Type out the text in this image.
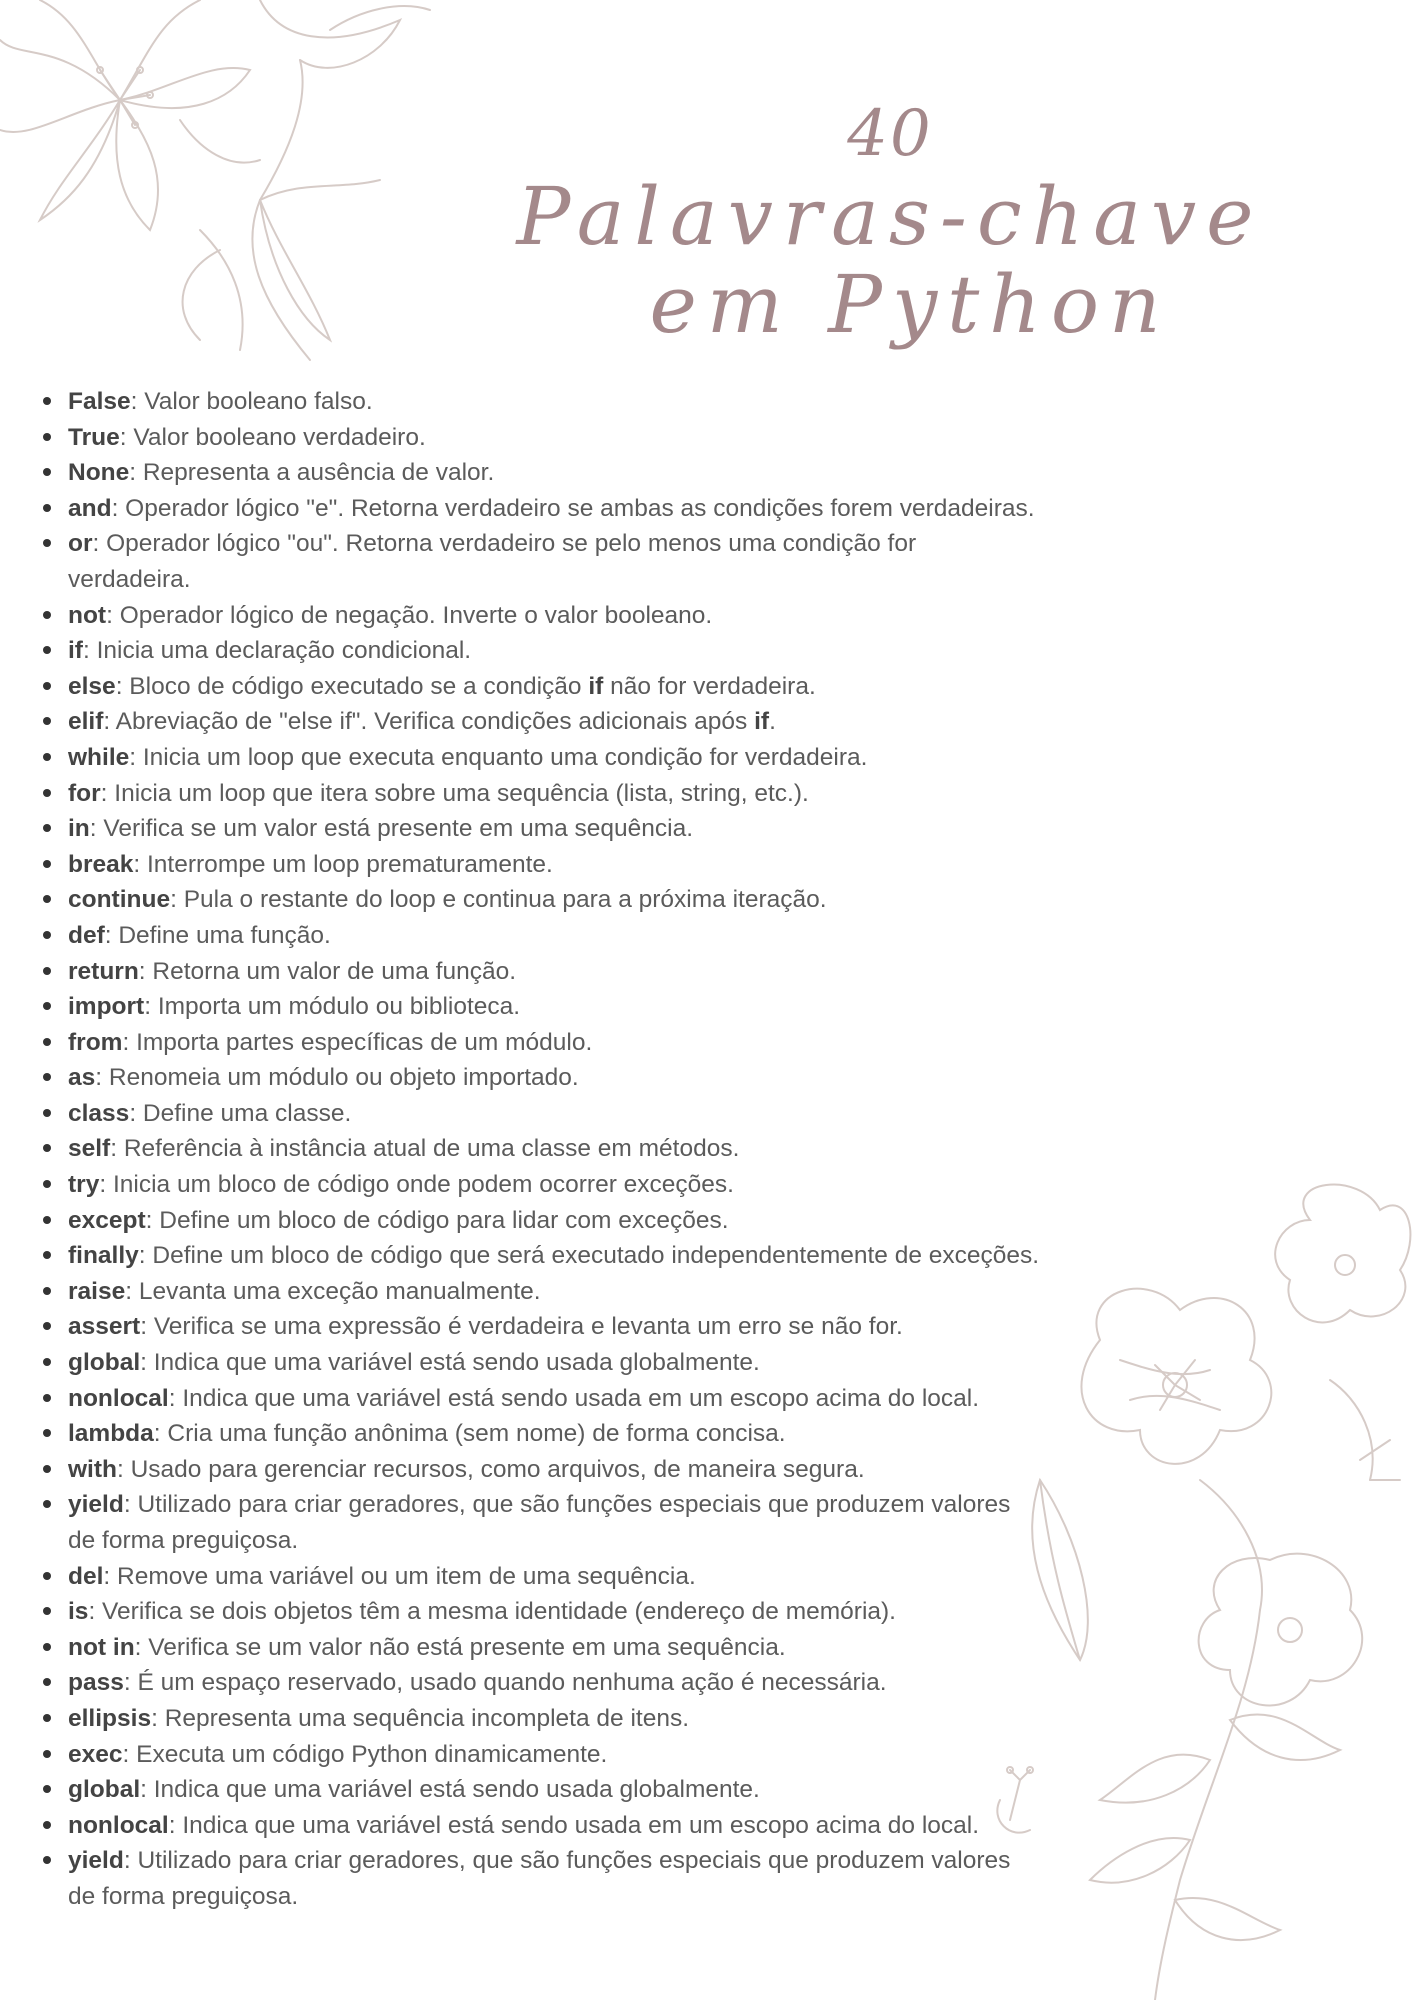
40
Palavras-chave
em Python
False: Valor booleano falso.
True: Valor booleano verdadeiro.
None: Representa a ausência de valor.
and: Operador lógico "e". Retorna verdadeiro se ambas as condições forem verdadeiras.
or: Operador lógico "ou". Retorna verdadeiro se pelo menos uma condição for verdadeira.
not: Operador lógico de negação. Inverte o valor booleano.
if: Inicia uma declaração condicional.
else: Bloco de código executado se a condição if não for verdadeira.
elif: Abreviação de "else if". Verifica condições adicionais após if.
while: Inicia um loop que executa enquanto uma condição for verdadeira.
for: Inicia um loop que itera sobre uma sequência (lista, string, etc.).
in: Verifica se um valor está presente em uma sequência.
break: Interrompe um loop prematuramente.
continue: Pula o restante do loop e continua para a próxima iteração.
def: Define uma função.
return: Retorna um valor de uma função.
import: Importa um módulo ou biblioteca.
from: Importa partes específicas de um módulo.
as: Renomeia um módulo ou objeto importado.
class: Define uma classe.
self: Referência à instância atual de uma classe em métodos.
try: Inicia um bloco de código onde podem ocorrer exceções.
except: Define um bloco de código para lidar com exceções.
finally: Define um bloco de código que será executado independentemente de exceções.
raise: Levanta uma exceção manualmente.
assert: Verifica se uma expressão é verdadeira e levanta um erro se não for.
global: Indica que uma variável está sendo usada globalmente.
nonlocal: Indica que uma variável está sendo usada em um escopo acima do local.
lambda: Cria uma função anônima (sem nome) de forma concisa.
with: Usado para gerenciar recursos, como arquivos, de maneira segura.
yield: Utilizado para criar geradores, que são funções especiais que produzem valores de forma preguiçosa.
del: Remove uma variável ou um item de uma sequência.
is: Verifica se dois objetos têm a mesma identidade (endereço de memória).
not in: Verifica se um valor não está presente em uma sequência.
pass: É um espaço reservado, usado quando nenhuma ação é necessária.
ellipsis: Representa uma sequência incompleta de itens.
exec: Executa um código Python dinamicamente.
global: Indica que uma variável está sendo usada globalmente.
nonlocal: Indica que uma variável está sendo usada em um escopo acima do local.
yield: Utilizado para criar geradores, que são funções especiais que produzem valores de forma preguiçosa.
